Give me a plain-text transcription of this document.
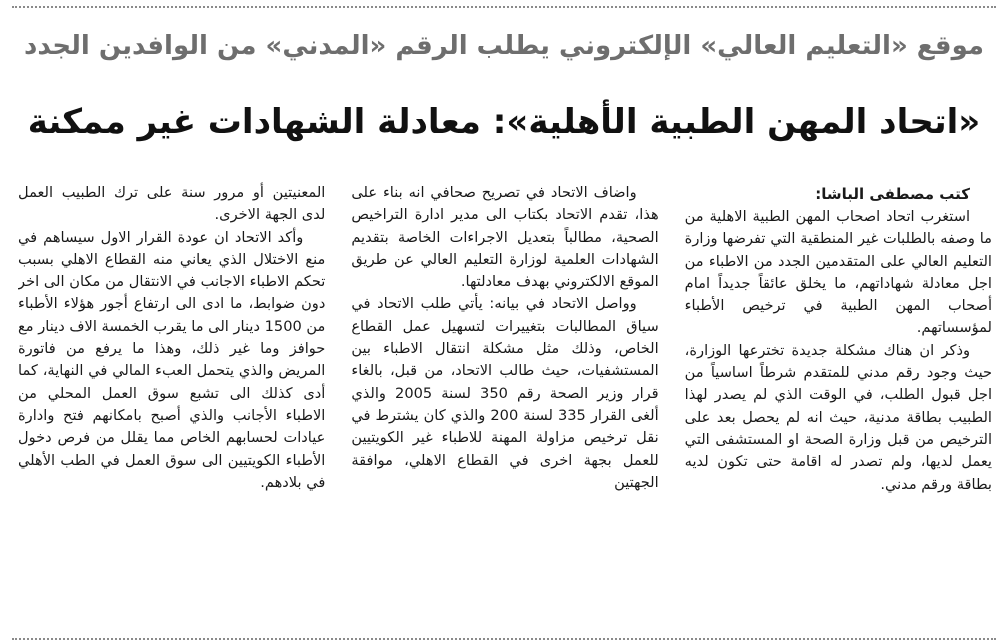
موقع «التعليم العالي» الإلكتروني يطلب الرقم «المدني» من الوافدين الجدد
«اتحاد المهن الطبية الأهلية»: معادلة الشهادات غير ممكنة

كتب مصطفى الباشا:

استغرب اتحاد اصحاب المهن الطبية الاهلية من ما وصفه بالطلبات غير المنطقية التي تفرضها وزارة التعليم العالي على المتقدمين الجدد من الاطباء من اجل معادلة شهاداتهم، ما يخلق عائقاً جديداً امام أصحاب المهن الطبية في ترخيص الأطباء لمؤسساتهم.

وذكر ان هناك مشكلة جديدة تخترعها الوزارة، حيث وجود رقم مدني للمتقدم شرطاً اساسياً من اجل قبول الطلب، في الوقت الذي لم يصدر لهذا الطبيب بطاقة مدنية، حيث انه لم يحصل بعد على الترخيص من قبل وزارة الصحة او المستشفى التي يعمل لديها، ولم تصدر له اقامة حتى تكون لديه بطاقة ورقم مدني.

واضاف الاتحاد في تصريح صحافي انه بناء على هذا، تقدم الاتحاد بكتاب الى مدير ادارة التراخيص الصحية، مطالباً بتعديل الاجراءات الخاصة بتقديم الشهادات العلمية لوزارة التعليم العالي عن طريق الموقع الالكتروني بهدف معادلتها.

وواصل الاتحاد في بيانه: يأتي طلب الاتحاد في سياق المطالبات بتغييرات لتسهيل عمل القطاع الخاص، وذلك مثل مشكلة انتقال الاطباء بين المستشفيات، حيث طالب الاتحاد، من قبل، بالغاء قرار وزير الصحة رقم 350 لسنة 2005 والذي ألغى القرار 335 لسنة 200 والذي كان يشترط في نقل ترخيص مزاولة المهنة للاطباء غير الكويتيين للعمل بجهة اخرى في القطاع الاهلي، موافقة الجهتين

المعنيتين أو مرور سنة على ترك الطبيب العمل لدى الجهة الاخرى.

وأكد الاتحاد ان عودة القرار الاول سيساهم في منع الاختلال الذي يعاني منه القطاع الاهلي بسبب تحكم الاطباء الاجانب في الانتقال من مكان الى اخر دون ضوابط، ما ادى الى ارتفاع أجور هؤلاء الأطباء من 1500 دينار الى ما يقرب الخمسة الاف دينار مع حوافز وما غير ذلك، وهذا ما يرفع من فاتورة المريض والذي يتحمل العبء المالي في النهاية، كما أدى كذلك الى تشبع سوق العمل المحلي من الاطباء الأجانب والذي أصبح بامكانهم فتح وادارة عيادات لحسابهم الخاص مما يقلل من فرص دخول الأطباء الكويتيين الى سوق العمل في الطب الأهلي في بلادهم.
